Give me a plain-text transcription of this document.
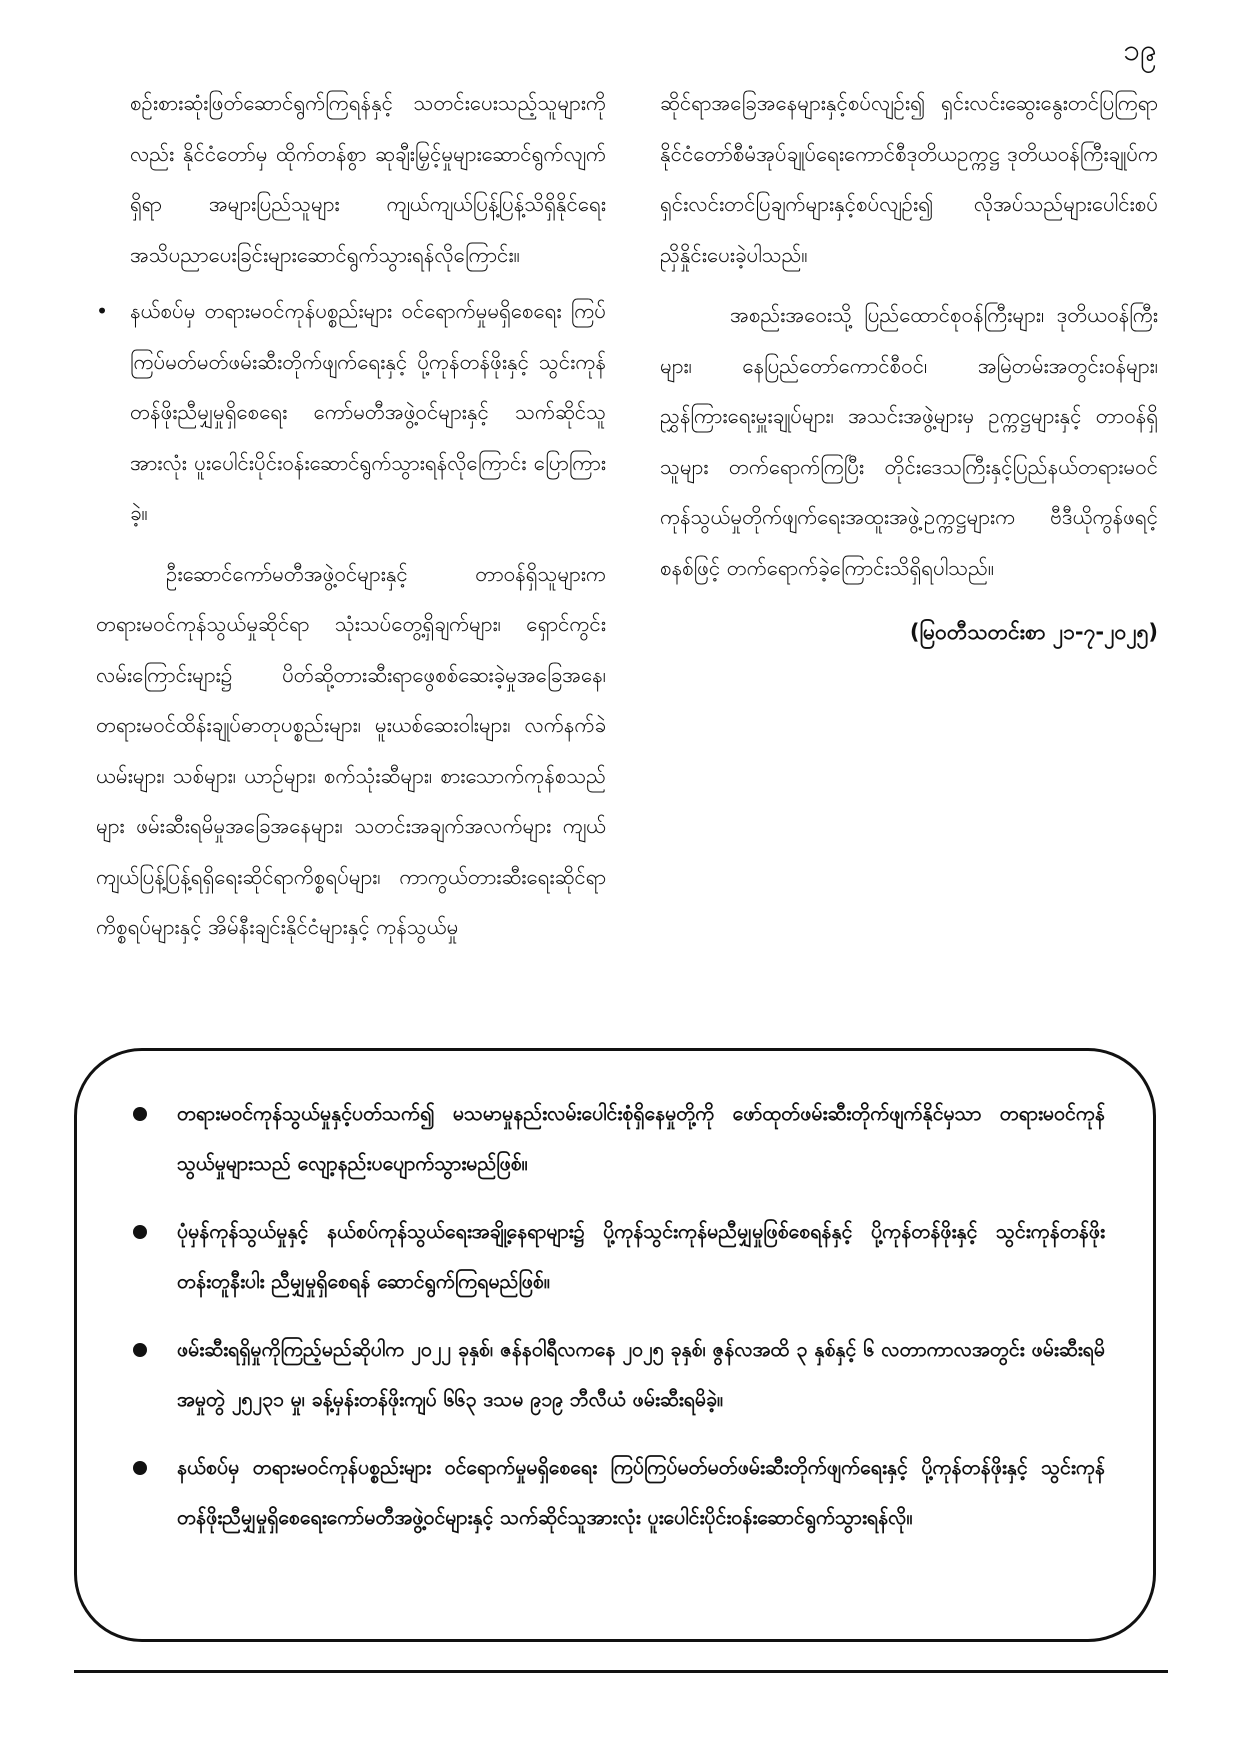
၁၉

စဉ်းစားဆုံးဖြတ်ဆောင်ရွက်ကြရန်နှင့် သတင်းပေးသည့်သူများကိုလည်း နိုင်ငံတော်မှ ထိုက်တန်စွာ ဆုချီးမြှင့်မှုများဆောင်ရွက်လျက်ရှိရာ အများပြည်သူများ ကျယ်ကျယ်ပြန့်ပြန့်သိရှိနိုင်ရေး အသိပညာပေးခြင်းများဆောင်ရွက်သွားရန်လိုကြောင်း။

• နယ်စပ်မှ တရားမဝင်ကုန်ပစ္စည်းများ ဝင်ရောက်မှုမရှိစေရေး ကြပ်ကြပ်မတ်မတ်ဖမ်းဆီးတိုက်ဖျက်ရေးနှင့် ပို့ကုန်တန်ဖိုးနှင့် သွင်းကုန်တန်ဖိုးညီမျှမှုရှိစေရေး ကော်မတီအဖွဲ့ဝင်များနှင့် သက်ဆိုင်သူအားလုံး ပူးပေါင်းပိုင်းဝန်းဆောင်ရွက်သွားရန်လိုကြောင်း ပြောကြားခဲ့။

ဦးဆောင်ကော်မတီအဖွဲ့ဝင်များနှင့် တာဝန်ရှိသူများက တရားမဝင်ကုန်သွယ်မှုဆိုင်ရာ သုံးသပ်တွေ့ရှိချက်များ၊ ရှောင်ကွင်းလမ်းကြောင်းများ၌ ပိတ်ဆို့တားဆီးရာဖွေစစ်ဆေးခဲ့မှုအခြေအနေ၊ တရားမဝင်ထိန်းချုပ်ဓာတုပစ္စည်းများ၊ မူးယစ်ဆေးဝါးများ၊ လက်နက်ခဲယမ်းများ၊ သစ်များ၊ ယာဉ်များ၊ စက်သုံးဆီများ၊ စားသောက်ကုန်စသည်များ ဖမ်းဆီးရမိမှုအခြေအနေများ၊ သတင်းအချက်အလက်များ ကျယ်ကျယ်ပြန့်ပြန့်ရရှိရေးဆိုင်ရာကိစ္စရပ်များ၊ ကာကွယ်တားဆီးရေးဆိုင်ရာကိစ္စရပ်များနှင့် အိမ်နီးချင်းနိုင်ငံများနှင့် ကုန်သွယ်မှု

ဆိုင်ရာအခြေအနေများနှင့်စပ်လျဉ်း၍ ရှင်းလင်းဆွေးနွေးတင်ပြကြရာ နိုင်ငံတော်စီမံအုပ်ချုပ်ရေးကောင်စီဒုတိယဥက္ကဋ္ဌ ဒုတိယဝန်ကြီးချုပ်က ရှင်းလင်းတင်ပြချက်များနှင့်စပ်လျဉ်း၍ လိုအပ်သည်များပေါင်းစပ်ညှိနှိုင်းပေးခဲ့ပါသည်။

အစည်းအဝေးသို့ ပြည်ထောင်စုဝန်ကြီးများ၊ ဒုတိယဝန်ကြီးများ၊ နေပြည်တော်ကောင်စီဝင်၊ အမြဲတမ်းအတွင်းဝန်များ၊ ညွှန်ကြားရေးမှူးချုပ်များ၊ အသင်းအဖွဲ့များမှ ဥက္ကဋ္ဌများနှင့် တာဝန်ရှိသူများ တက်ရောက်ကြပြီး တိုင်းဒေသကြီးနှင့်ပြည်နယ်တရားမဝင် ကုန်သွယ်မှုတိုက်ဖျက်ရေးအထူးအဖွဲ့ဥက္ကဋ္ဌများက ဗီဒီယိုကွန်ဖရင့်စနစ်ဖြင့် တက်ရောက်ခဲ့ကြောင်းသိရှိရပါသည်။

(မြဝတီသတင်းစာ ၂၁-၇-၂၀၂၅)

တရားမဝင်ကုန်သွယ်မှုနှင့်ပတ်သက်၍ မသမာမှုနည်းလမ်းပေါင်းစုံရှိနေမှုတို့ကို ဖော်ထုတ်ဖမ်းဆီးတိုက်ဖျက်နိုင်မှသာ တရားမဝင်ကုန်သွယ်မှုများသည် လျော့နည်းပပျောက်သွားမည်ဖြစ်။
ပုံမှန်ကုန်သွယ်မှုနှင့် နယ်စပ်ကုန်သွယ်ရေးအချို့နေရာများ၌ ပို့ကုန်သွင်းကုန်မညီမျှမှုဖြစ်စေရန်နှင့် ပို့ကုန်တန်ဖိုးနှင့် သွင်းကုန်တန်ဖိုးတန်းတူနီးပါး ညီမျှမှုရှိစေရန် ဆောင်ရွက်ကြရမည်ဖြစ်။
ဖမ်းဆီးရရှိမှုကိုကြည့်မည်ဆိုပါက ၂၀၂၂ ခုနှစ်၊ ဇန်နဝါရီလကနေ ၂၀၂၅ ခုနှစ်၊ ဇွန်လအထိ ၃ နှစ်နှင့် ၆ လတာကာလအတွင်း ဖမ်းဆီးရမိအမှုတွဲ ၂၅၂၃၁ မှု၊ ခန့်မှန်းတန်ဖိုးကျပ် ၆၆၃ ဒသမ ၉၁၉ ဘီလီယံ ဖမ်းဆီးရမိခဲ့။
နယ်စပ်မှ တရားမဝင်ကုန်ပစ္စည်းများ ဝင်ရောက်မှုမရှိစေရေး ကြပ်ကြပ်မတ်မတ်ဖမ်းဆီးတိုက်ဖျက်ရေးနှင့် ပို့ကုန်တန်ဖိုးနှင့် သွင်းကုန်တန်ဖိုးညီမျှမှုရှိစေရေးကော်မတီအဖွဲ့ဝင်များနှင့် သက်ဆိုင်သူအားလုံး ပူးပေါင်းပိုင်းဝန်းဆောင်ရွက်သွားရန်လို။
